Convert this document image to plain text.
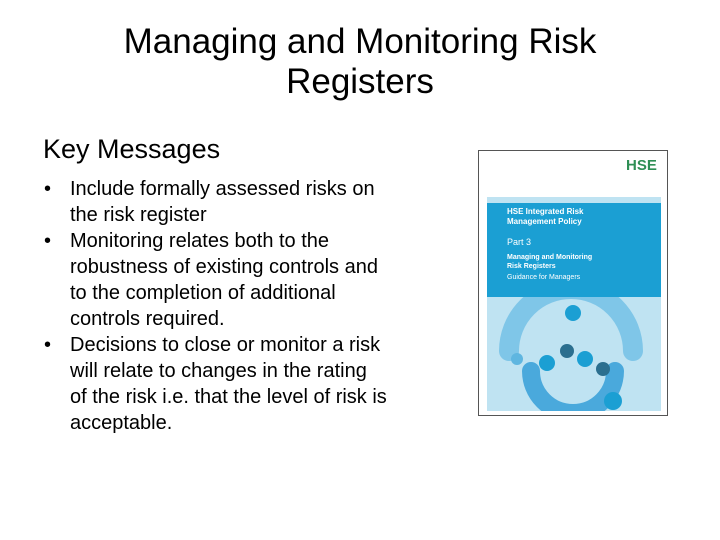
Managing and Monitoring Risk
Registers
Key Messages
• Include formally assessed risks on
the risk register
• Monitoring relates both to the
robustness of existing controls and
to the completion of additional
controls required.
• Decisions to close or monitor a risk
will relate to changes in the rating
of the risk i.e. that the level of risk is
acceptable.
HSE
HSE Integrated Risk
Management Policy
Part 3
Managing and Monitoring
Risk Registers
Guidance for Managers
